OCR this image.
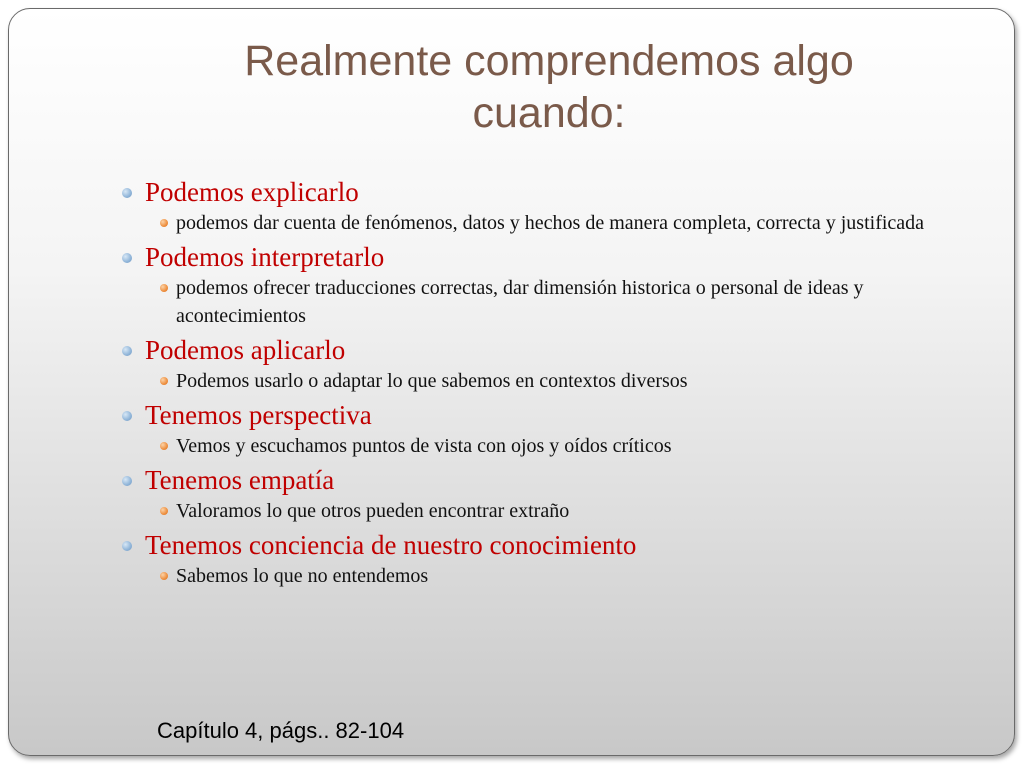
Realmente comprendemos algo
cuando:

Podemos explicarlo

podemos dar cuenta de fenómenos, datos y hechos de manera completa, correcta y justificada

Podemos interpretarlo

podemos ofrecer traducciones correctas, dar dimensión historica o personal de ideas y acontecimientos

Podemos aplicarlo

Podemos usarlo o adaptar lo que sabemos en contextos diversos

Tenemos perspectiva

Vemos y escuchamos puntos de vista con ojos y oídos críticos

Tenemos empatía

Valoramos lo que otros pueden encontrar extraño

Tenemos conciencia de nuestro conocimiento

Sabemos lo que no entendemos

Capítulo 4, págs.. 82-104
